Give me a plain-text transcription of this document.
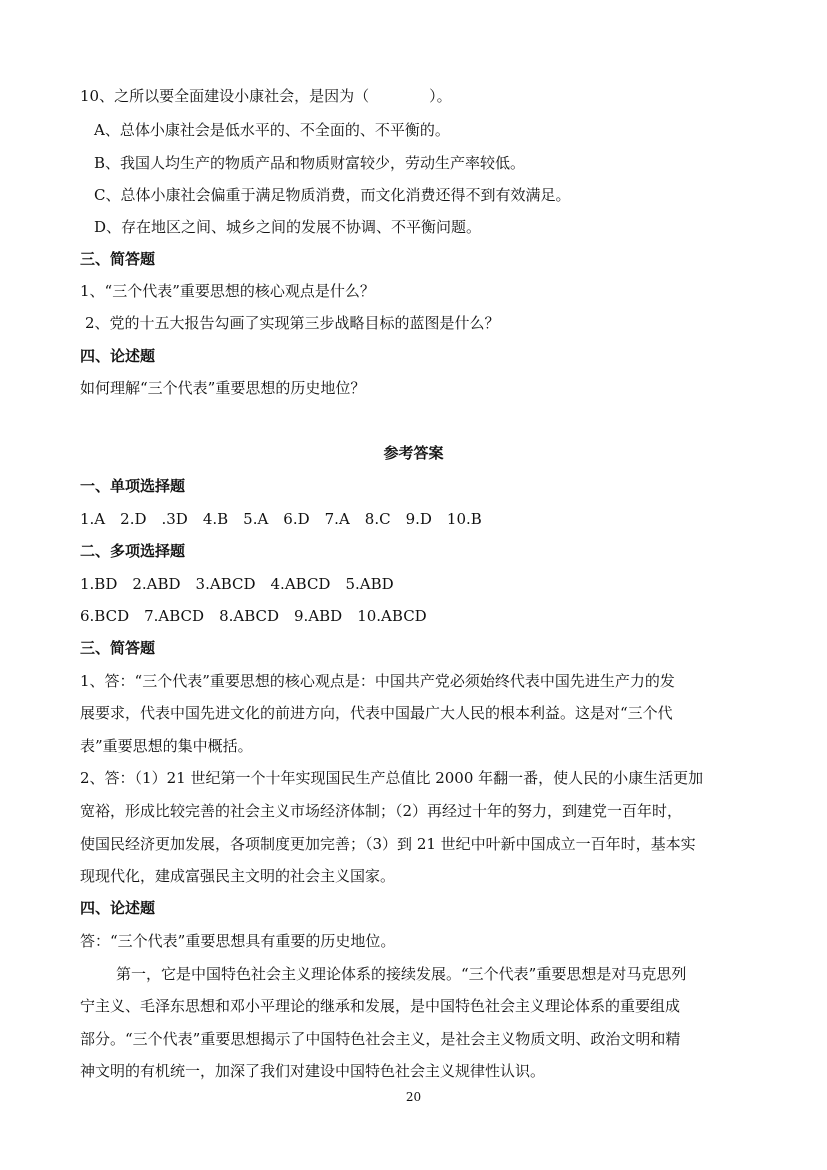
10、之所以要全面建设小康社会，是因为（　　　　）。
A、总体小康社会是低水平的、不全面的、不平衡的。
B、我国人均生产的物质产品和物质财富较少，劳动生产率较低。
C、总体小康社会偏重于满足物质消费，而文化消费还得不到有效满足。
D、存在地区之间、城乡之间的发展不协调、不平衡问题。
三、简答题
1、“三个代表”重要思想的核心观点是什么？
2、党的十五大报告勾画了实现第三步战略目标的蓝图是什么？
四、论述题
如何理解“三个代表”重要思想的历史地位？
参考答案
一、单项选择题
1.A　2.D　.3D　4.B　5.A　6.D　7.A　8.C　9.D　10.B
二、多项选择题
1.BD　2.ABD　3.ABCD　4.ABCD　5.ABD
6.BCD　7.ABCD　8.ABCD　9.ABD　10.ABCD
三、简答题
1、答：“三个代表”重要思想的核心观点是：中国共产党必须始终代表中国先进生产力的发
展要求，代表中国先进文化的前进方向，代表中国最广大人民的根本利益。这是对“三个代
表”重要思想的集中概括。
2、答：（1）21 世纪第一个十年实现国民生产总值比 2000 年翻一番，使人民的小康生活更加
宽裕，形成比较完善的社会主义市场经济体制；（2）再经过十年的努力，到建党一百年时，
使国民经济更加发展，各项制度更加完善；（3）到 21 世纪中叶新中国成立一百年时，基本实
现现代化，建成富强民主文明的社会主义国家。
四、论述题
答：“三个代表”重要思想具有重要的历史地位。
第一，它是中国特色社会主义理论体系的接续发展。“三个代表”重要思想是对马克思列
宁主义、毛泽东思想和邓小平理论的继承和发展，是中国特色社会主义理论体系的重要组成
部分。“三个代表”重要思想揭示了中国特色社会主义，是社会主义物质文明、政治文明和精
神文明的有机统一，加深了我们对建设中国特色社会主义规律性认识。
20
